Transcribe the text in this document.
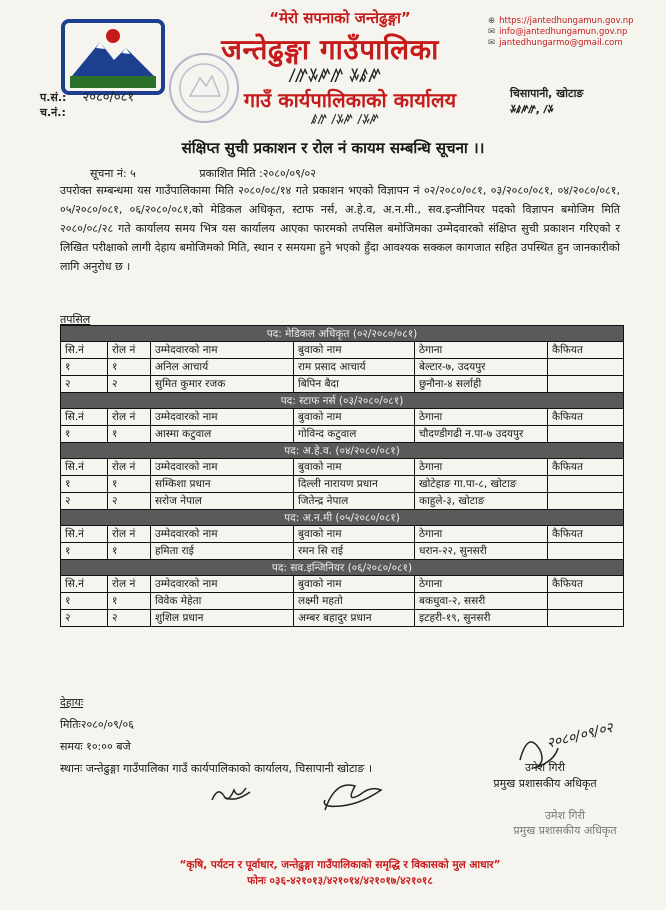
“मेरो सपनाको जन्तेढुङ्गा”
जन्तेढुङ्गा गाउँपालिका
ꤷꤼꤸꤺꤼ ꤸꤹꤺ
गाउँ कार्यपालिकाको कार्यालय
ꤹꤼ ꤷꤸꤺ ꤷꤸꤺ
⊕ https://jantedhungamun.gov.np
✉ info@jantedhungamun.gov.np
✉ jantedhungarmo@gmail.com
प.सं.: २०८०/०८१
च.नं.:
चिसापानी, खोटाङ
ꤸꤹꤺꤼ, ꤷꤸ
संक्षिप्त सुची प्रकाशन र रोल नं कायम सम्बन्धि सूचना ।।
सूचना नं: ५	प्रकाशित मिति :२०८०/०९/०२
उपरोक्त सम्बन्धमा यस गाउँपालिकामा मिति २०८०/०८/१४ गते प्रकाशन भएको विज्ञापन नं ०२/२०८०/०८१, ०३/२०८०/०८१, ०४/२०८०/०८१, ०५/२०८०/०८१, ०६/२०८०/०८१,को मेडिकल अधिकृत, स्टाफ नर्स, अ.हे.व, अ.न.मी., सव.इन्जीनियर पदको विज्ञापन बमोजिम मिति २०८०/०८/२८ गते कार्यालय समय भित्र यस कार्यालय आएका फारमको तपसिल बमोजिमका उम्मेदवारको संक्षिप्त सुची प्रकाशन गरिएको र लिखित परीक्षाको लागी देहाय बमोजिमको मिति, स्थान र समयमा हुने भएको हुँदा आवश्यक सक्कल कागजात सहित उपस्थित हुन जानकारीको लागि अनुरोध छ ।
तपसिल
पद: मेडिकल अधिकृत (०२/२०८०/०८१)					
सि.नं	रोल नं	उम्मेदवारको नाम	बुवाको नाम	ठेगाना	कैफियत
१	१	अनिल आचार्य	राम प्रसाद आचार्य	बेल्टार-७, उदयपुर	
२	२	सुमित कुमार रजक	बिपिन बैदा	छुनौना-४ सर्लाही	
पद: स्टाफ नर्स (०३/२०८०/०८१)					
सि.नं	रोल नं	उम्मेदवारको नाम	बुवाको नाम	ठेगाना	कैफियत
१	१	आस्मा कटुवाल	गोविन्द कटुवाल	चौदण्डीगढी न.पा-७ उदयपुर	
पद: अ.हे.व. (०४/२०८०/०८१)					
सि.नं	रोल नं	उम्मेदवारको नाम	बुवाको नाम	ठेगाना	कैफियत
१	१	सम्किशा प्रधान	दिल्ली नारायण प्रधान	खोटेहाङ गा.पा-८, खोटाङ	
२	२	सरोज नेपाल	जितेन्द्र नेपाल	काहुले-३, खोटाङ	
पद: अ.न.मी (०५/२०८०/०८१)					
सि.नं	रोल नं	उम्मेदवारको नाम	बुवाको नाम	ठेगाना	कैफियत
१	१	हमिता राई	रमन सि राई	धरान-२२, सुनसरी	
पद: सव.इन्जिनियर (०६/२०८०/०८१)					
सि.नं	रोल नं	उम्मेदवारको नाम	बुवाको नाम	ठेगाना	कैफियत
१	१	विवेक मेहेता	लक्ष्मी महतो	बकधुवा-२, ससरी	
२	२	शुशिल प्रधान	अम्बर बहादुर प्रधान	इटहरी-१९, सुनसरी	
देहायः
मितिः२०८०/०९/०६
समयः १०:०० बजे
स्थानः जन्तेढुङ्गा गाउँपालिका गाउँ कार्यपालिकाको कार्यालय, चिसापानी खोटाङ ।
२०८०/०९/०२
उमेश गिरी
प्रमुख प्रशासकीय अधिकृत
उमेश गिरी
प्रमुख प्रशासकीय अधिकृत
“कृषि, पर्यटन र पूर्वाधार, जन्तेढुङ्गा गाउँपालिकाको समृद्धि र विकासको मुल आधार”
फोनः ०३६-४२१०१३/४२१०१४/४२१०१७/४२१०१८
